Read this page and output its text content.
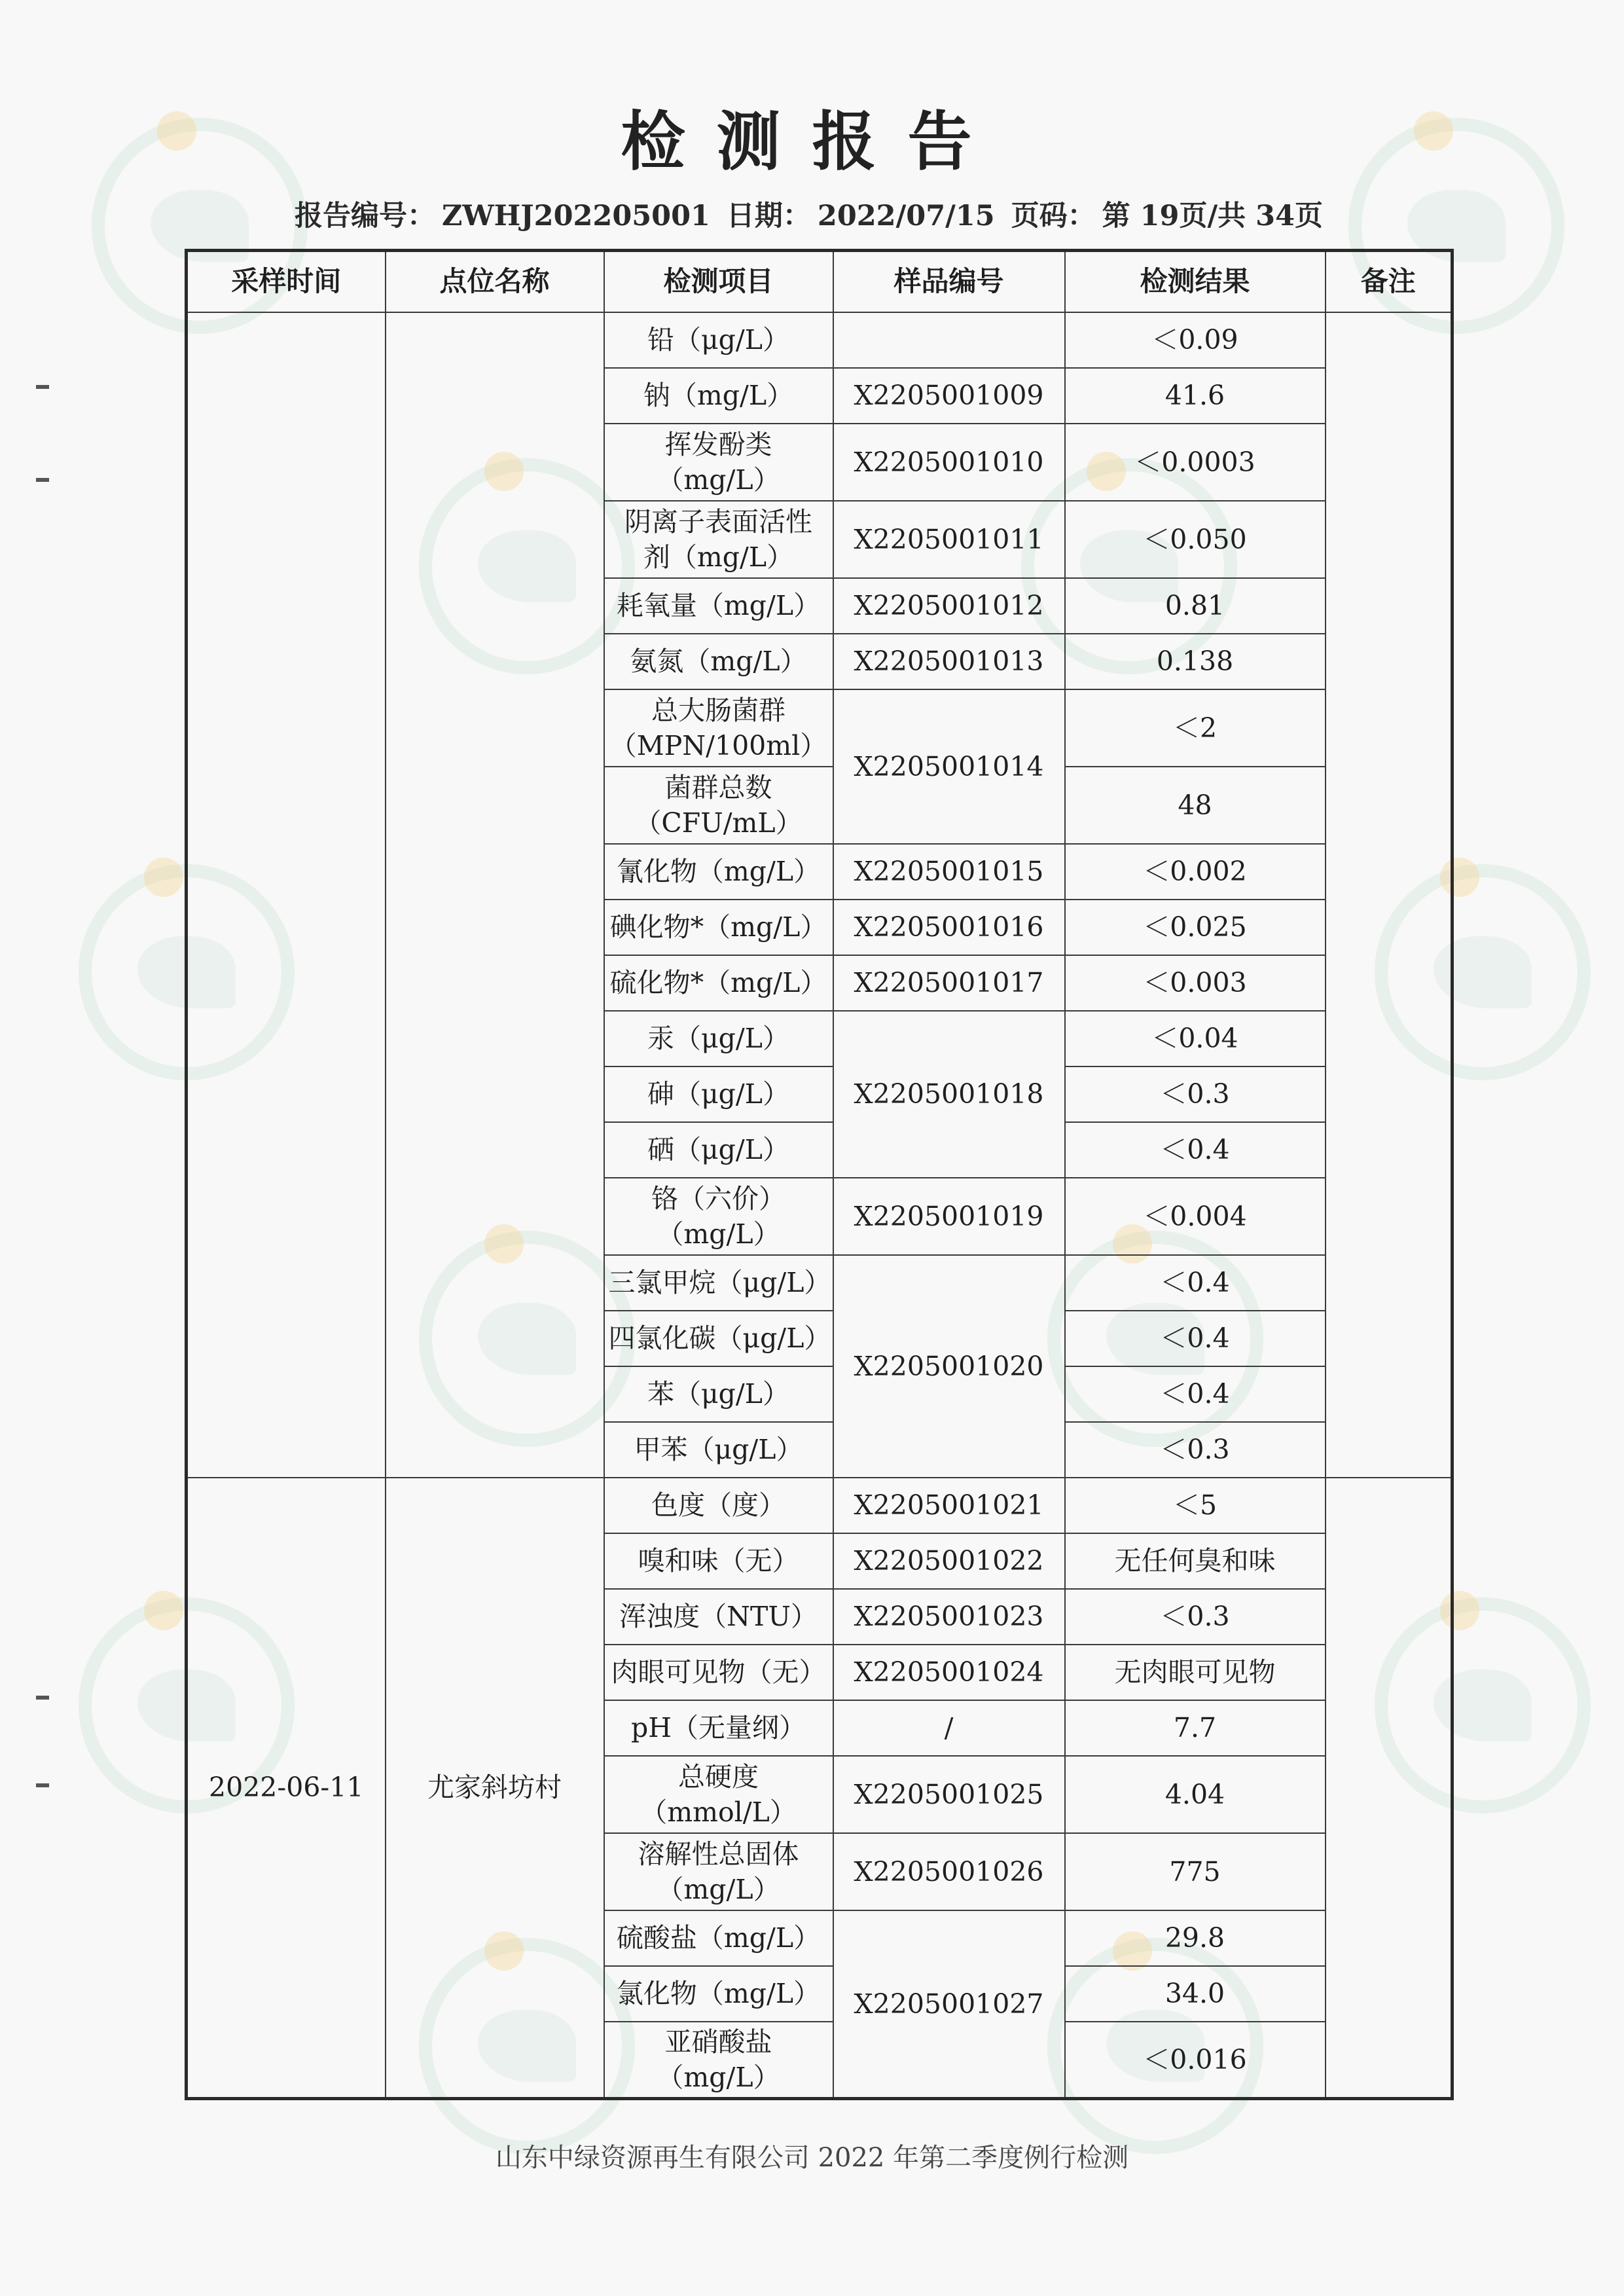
检测报告
报告编号： ZWHJ202205001 日期： 2022/07/15 页码： 第 19页/共 34页
采样时间	点位名称	检测项目	样品编号	检测结果	备注
		铅（μg/L）		＜0.09	
		钠（mg/L）	X2205001009	41.6	
		挥发酚类
（mg/L）	X2205001010	＜0.0003	
		阴离子表面活性
剂（mg/L）	X2205001011	＜0.050	
		耗氧量（mg/L）	X2205001012	0.81	
		氨氮（mg/L）	X2205001013	0.138	
		总大肠菌群
（MPN/100ml）	X2205001014	＜2	
		菌群总数
（CFU/mL）		48	
		氰化物（mg/L）	X2205001015	＜0.002	
		碘化物*（mg/L）	X2205001016	＜0.025	
		硫化物*（mg/L）	X2205001017	＜0.003	
		汞（μg/L）	X2205001018	＜0.04	
		砷（μg/L）		＜0.3	
		硒（μg/L）		＜0.4	
		铬（六价）
（mg/L）	X2205001019	＜0.004	
		三氯甲烷（μg/L）	X2205001020	＜0.4	
		四氯化碳（μg/L）		＜0.4	
		苯（μg/L）		＜0.4	
		甲苯（μg/L）		＜0.3	
2022-06-11	尤家斜坊村	色度（度）	X2205001021	＜5	
		嗅和味（无）	X2205001022	无任何臭和味	
		浑浊度（NTU）	X2205001023	＜0.3	
		肉眼可见物（无）	X2205001024	无肉眼可见物	
		pH（无量纲）	/	7.7	
		总硬度
（mmol/L）	X2205001025	4.04	
		溶解性总固体
（mg/L）	X2205001026	775	
		硫酸盐（mg/L）	X2205001027	29.8	
		氯化物（mg/L）		34.0	
		亚硝酸盐
（mg/L）		＜0.016	
山东中绿资源再生有限公司 2022 年第二季度例行检测
